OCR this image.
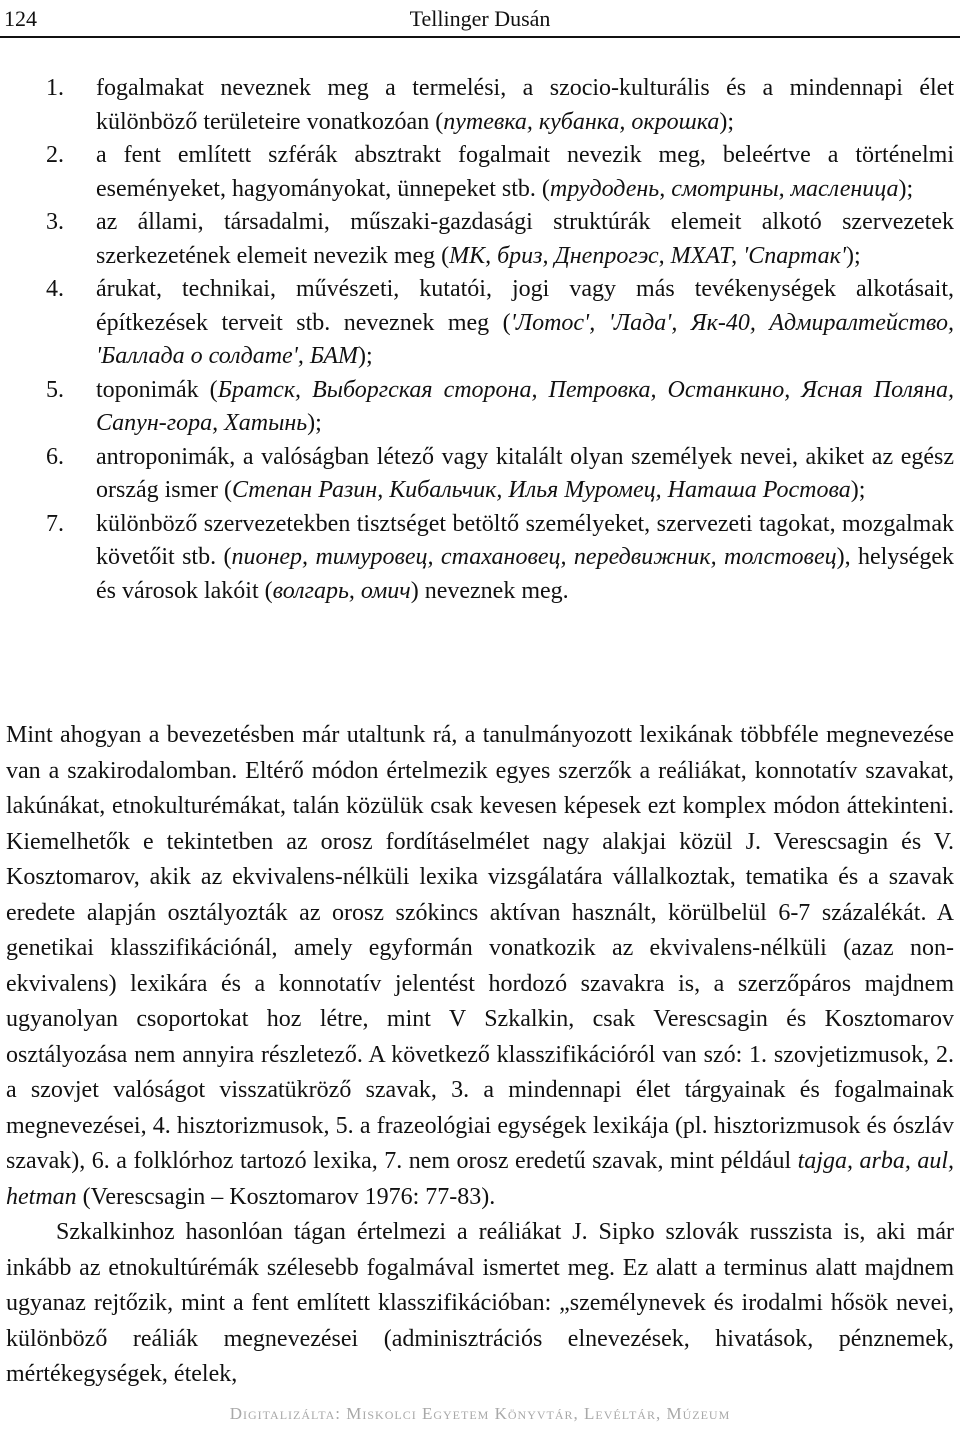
124	Tellinger Dusán
1. fogalmakat neveznek meg a termelési, a szocio-kulturális és a mindennapi élet különböző területeire vonatkozóan (путевка, кубанка, окрошка);
2. a fent említett szférák absztrakt fogalmait nevezik meg, beleértve a történelmi eseményeket, hagyományokat, ünnepeket stb. (трудодень, смотрины, масленица);
3. az állami, társadalmi, műszaki-gazdasági struktúrák elemeit alkotó szervezetek szerkezetének elemeit nevezik meg (МК, бриз, Днепрогэс, МХАТ, 'Спартак');
4. árukat, technikai, művészeti, kutatói, jogi vagy más tevékenységek alkotásait, építkezések terveit stb. neveznek meg ('Лотос', 'Лада', Як-40, Адмиралтейство, 'Баллада о солдате', БАМ);
5. toponimák (Братск, Выборгская сторона, Петровка, Останкино, Ясная Поляна, Сапун-гора, Хатынь);
6. antroponimák, a valóságban létező vagy kitalált olyan személyek nevei, akiket az egész ország ismer (Степан Разин, Кибальчик, Илья Муромец, Наташа Ростова);
7. különböző szervezetekben tisztséget betöltő személyeket, szervezeti tagokat, mozgalmak követőit stb. (пионер, тимуровец, стахановец, передвижник, толстовец), helységek és városok lakóit (волгарь, омич) neveznek meg.

Mint ahogyan a bevezetésben már utaltunk rá, a tanulmányozott lexikának többféle megnevezése van a szakirodalomban. Eltérő módon értelmezik egyes szerzők a reáliákat, konnotatív szavakat, lakúnákat, etnokulturémákat, talán közülük csak kevesen képesek ezt komplex módon áttekinteni. Kiemelhetők e tekintetben az orosz fordításelmélet nagy alakjai közül J. Verescsagin és V. Kosztomarov, akik az ekvivalens-nélküli lexika vizsgálatára vállalkoztak, tematika és a szavak eredete alapján osztályozták az orosz szókincs aktívan használt, körülbelül 6-7 százalékát. A genetikai klasszifikációnál, amely egyformán vonatkozik az ekvivalens-nélküli (azaz non-ekvivalens) lexikára és a konnotatív jelentést hordozó szavakra is, a szerzőpáros majdnem ugyanolyan csoportokat hoz létre, mint V Szkalkin, csak Verescsagin és Kosztomarov osztályozása nem annyira részletező. A következő klasszifikációról van szó: 1. szovjetizmusok, 2. a szovjet valóságot visszatükröző szavak, 3. a mindennapi élet tárgyainak és fogalmainak megnevezései, 4. hisztorizmusok, 5. a frazeológiai egységek lexikája (pl. hisztorizmusok és ószláv szavak), 6. a folklórhoz tartozó lexika, 7. nem orosz eredetű szavak, mint például tajga, arba, aul, hetman (Verescsagin – Kosztomarov 1976: 77-83).

Szkalkinhoz hasonlóan tágan értelmezi a reáliákat J. Sipko szlovák russzista is, aki már inkább az etnokultúrémák szélesebb fogalmával ismertet meg. Ez alatt a terminus alatt majdnem ugyanaz rejtőzik, mint a fent említett klasszifikációban: „személynevek és irodalmi hősök nevei, különböző reáliák megnevezései (adminisztrációs elnevezések, hivatások, pénznemek, mértékegységek, ételek,

Digitalizálta: Miskolci Egyetem Könyvtár, Levéltár, Múzeum
